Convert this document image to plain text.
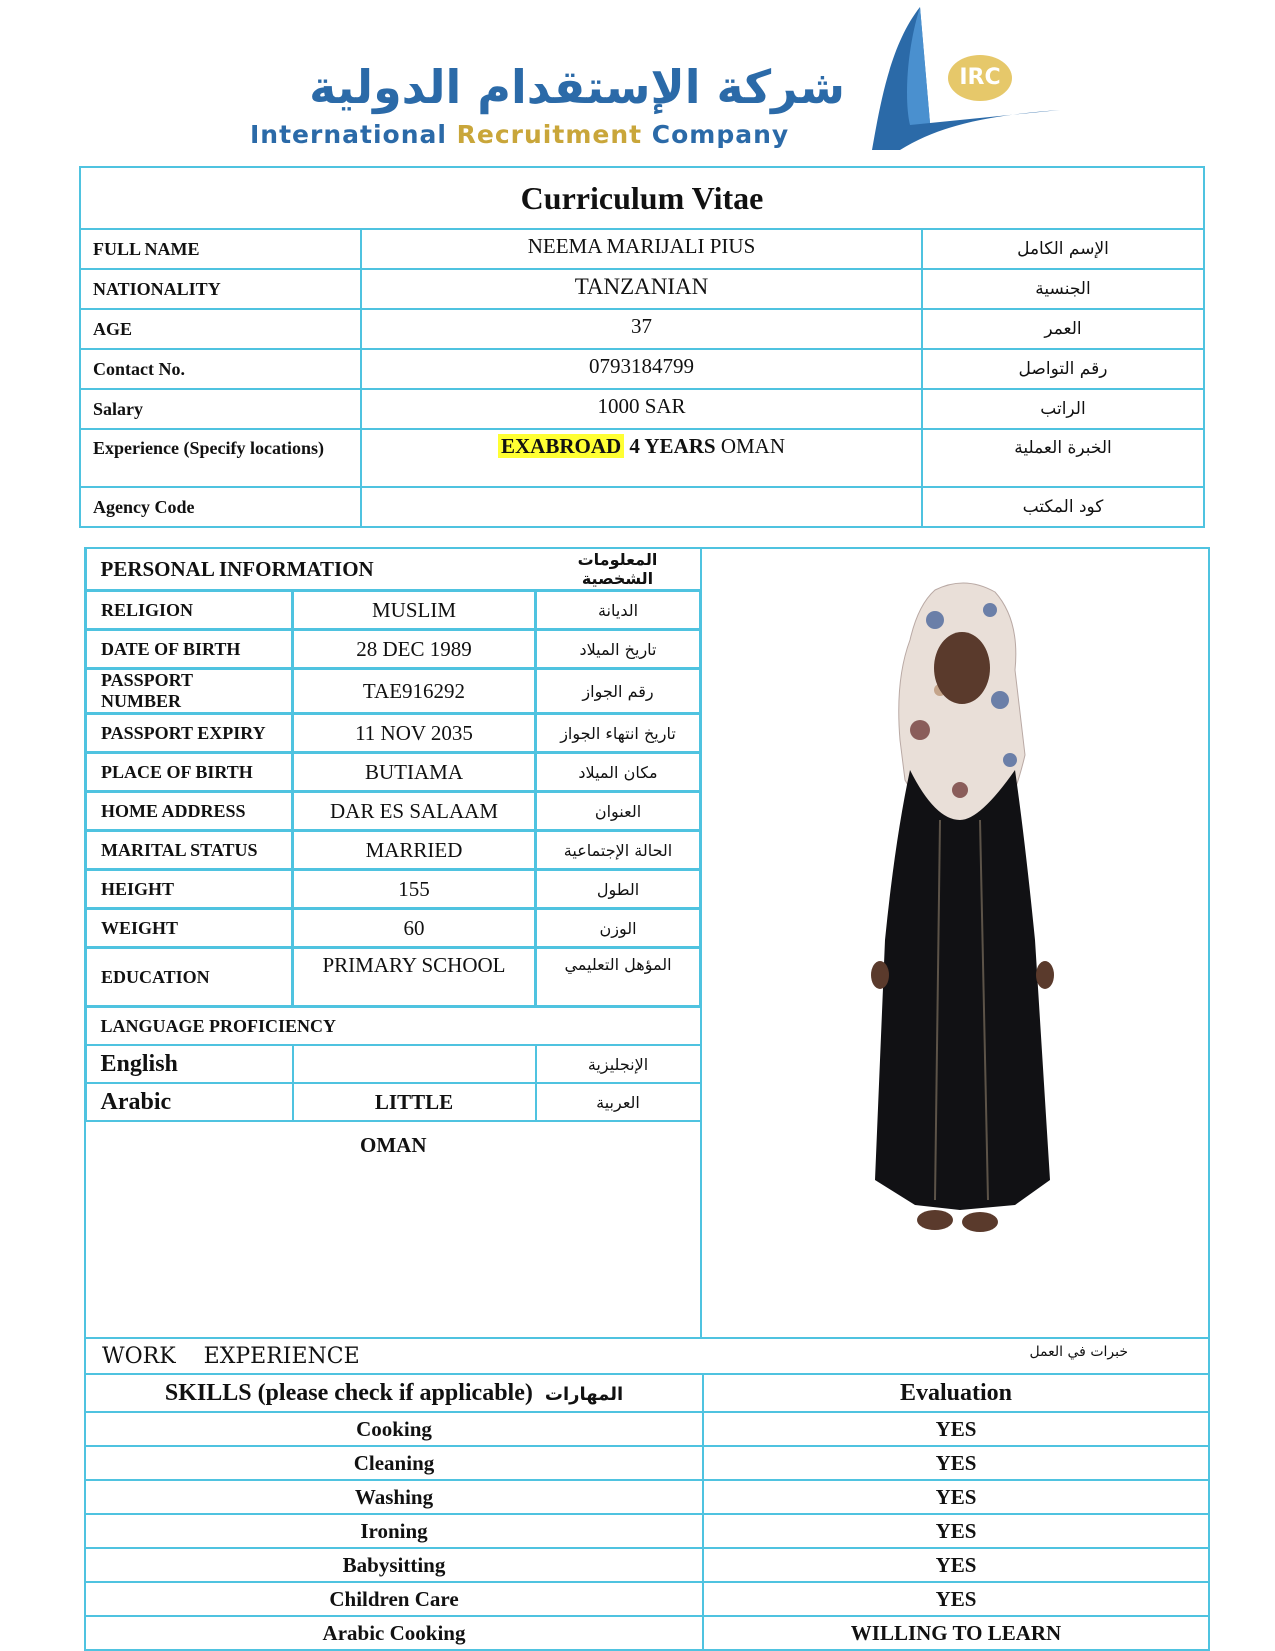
شركة الإستقدام الدولية
International Recruitment Company
IRC
Curriculum Vitae		
FULL NAME	NEEMA MARIJALI PIUS	الإسم الكامل
NATIONALITY	TANZANIAN	الجنسية
AGE	37	العمر
Contact No.	0793184799	رقم التواصل
Salary	1000 SAR	الراتب
Experience (Specify locations)	EXABROAD 4 YEARS OMAN	الخبرة العملية
Agency Code		كود المكتب
PERSONAL INFORMATION		المعلومات الشخصية
RELIGION	MUSLIM	الديانة
DATE OF BIRTH	28 DEC 1989	تاريخ الميلاد
PASSPORT NUMBER	TAE916292	رقم الجواز
PASSPORT EXPIRY	11 NOV 2035	تاريخ انتهاء الجواز
PLACE OF BIRTH	BUTIAMA	مكان الميلاد
HOME ADDRESS	DAR ES SALAAM	العنوان
MARITAL STATUS	MARRIED	الحالة الإجتماعية
HEIGHT	155	الطول
WEIGHT	60	الوزن
EDUCATION	PRIMARY SCHOOL	المؤهل التعليمي
LANGUAGE PROFICIENCY		
English		الإنجليزية
Arabic	LITTLE	العربية
OMAN
WORK EXPERIENCE خبرات في العمل	

SKILLS (please check if applicable) المهارات	Evaluation
Cooking	YES
Cleaning	YES
Washing	YES
Ironing	YES
Babysitting	YES
Children Care	YES
Arabic Cooking	WILLING TO LEARN
